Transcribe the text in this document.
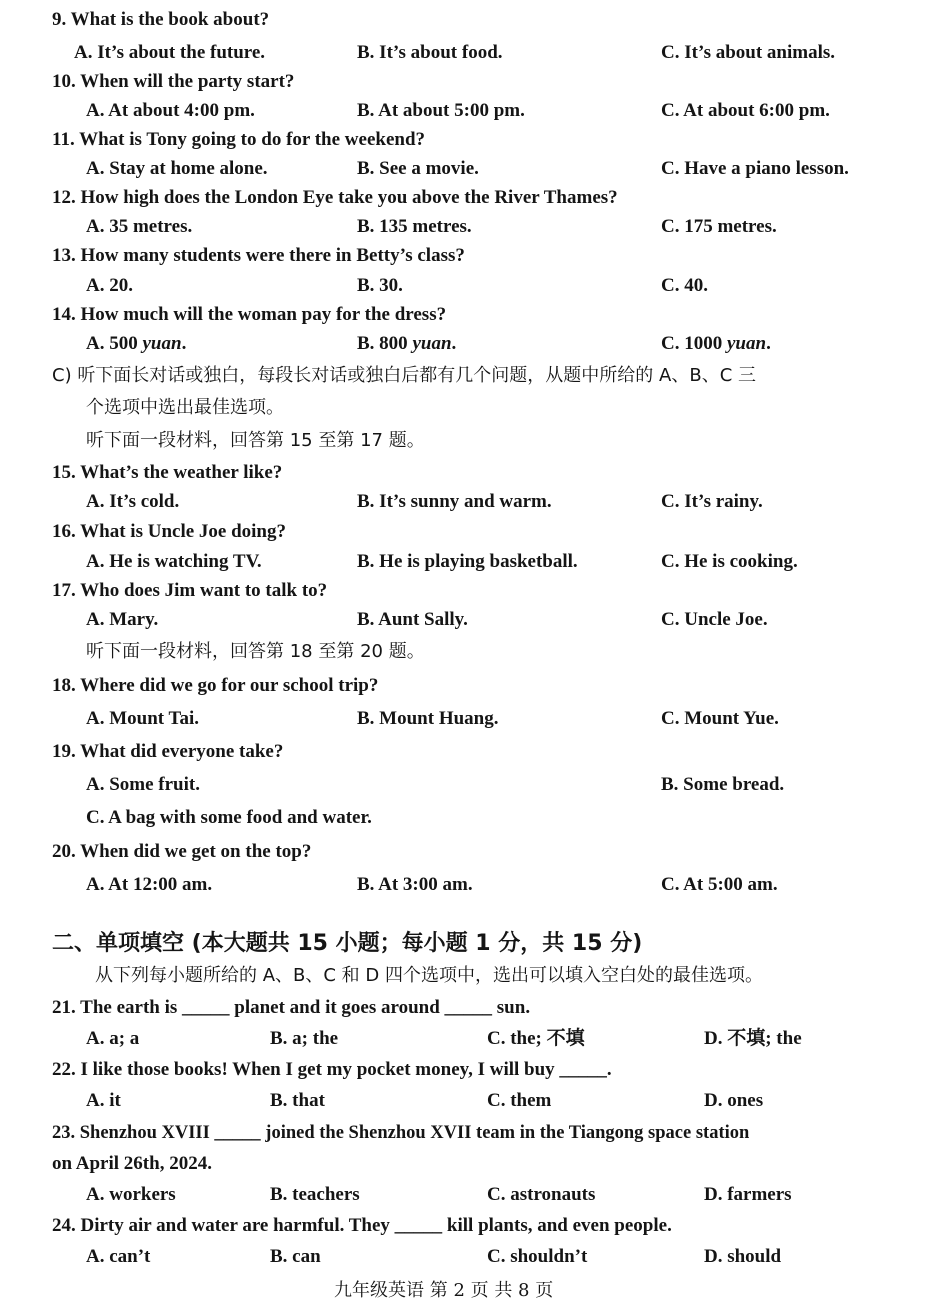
9. What is the book about?
A. It’s about the future.	B. It’s about food.	C. It’s about animals.
10. When will the party start?
A. At about 4:00 pm.	B. At about 5:00 pm.	C. At about 6:00 pm.
11. What is Tony going to do for the weekend?
A. Stay at home alone.	B. See a movie.	C. Have a piano lesson.
12. How high does the London Eye take you above the River Thames?
A. 35 metres.	B. 135 metres.	C. 175 metres.
13. How many students were there in Betty’s class?
A. 20.	B. 30.	C. 40.
14. How much will the woman pay for the dress?
A. 500 yuan.	B. 800 yuan.	C. 1000 yuan.
C) 听下面长对话或独白，每段长对话或独白后都有几个问题，从题中所给的 A、B、C 三
个选项中选出最佳选项。
听下面一段材料，回答第 15 至第 17 题。
15. What’s the weather like?
A. It’s cold.	B. It’s sunny and warm.	C. It’s rainy.
16. What is Uncle Joe doing?
A. He is watching TV.	B. He is playing basketball.	C. He is cooking.
17. Who does Jim want to talk to?
A. Mary.	B. Aunt Sally.	C. Uncle Joe.
听下面一段材料，回答第 18 至第 20 题。
18. Where did we go for our school trip?
A. Mount Tai.	B. Mount Huang.	C. Mount Yue.
19. What did everyone take?
A. Some fruit.	B. Some bread.
C. A bag with some food and water.
20. When did we get on the top?
A. At 12:00 am.	B. At 3:00 am.	C. At 5:00 am.
二、单项填空 (本大题共 15 小题；每小题 1 分，共 15 分)
从下列每小题所给的 A、B、C 和 D 四个选项中，选出可以填入空白处的最佳选项。
21. The earth is _____ planet and it goes around _____ sun.
A. a; a	B. a; the	C. the; 不填	D. 不填; the
22. I like those books! When I get my pocket money, I will buy _____.
A. it	B. that	C. them	D. ones
23. Shenzhou XVIII _____ joined the Shenzhou XVII team in the Tiangong space station
on April 26th, 2024.
A. workers	B. teachers	C. astronauts	D. farmers
24. Dirty air and water are harmful. They _____ kill plants, and even people.
A. can’t	B. can	C. shouldn’t	D. should
九年级英语 第 2 页 共 8 页
